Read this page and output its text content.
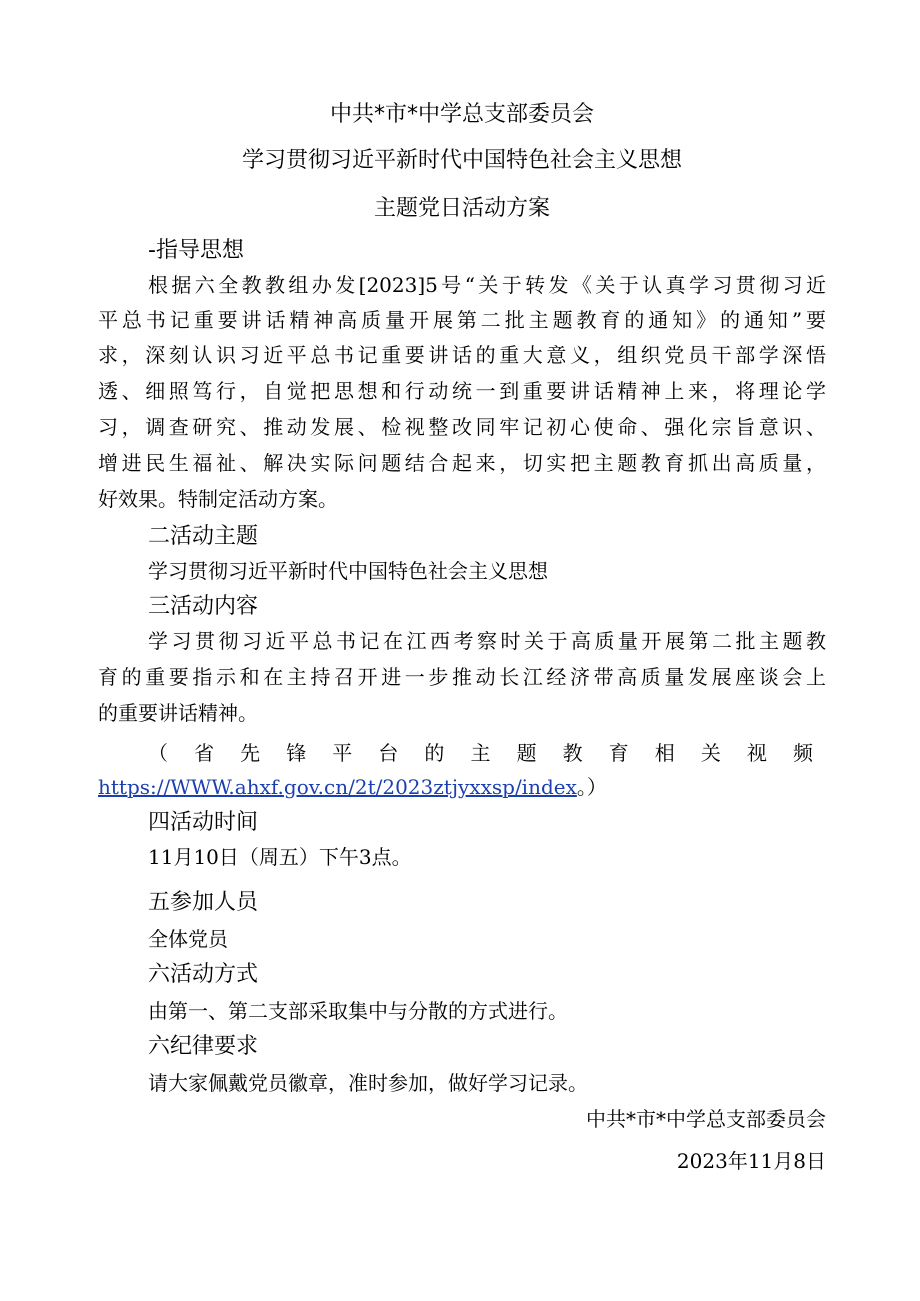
中共*市*中学总支部委员会
学习贯彻习近平新时代中国特色社会主义思想
主题党日活动方案
-指导思想
根据六全教教组办发[2023]5号“关于转发《关于认真学习贯彻习近
平总书记重要讲话精神高质量开展第二批主题教育的通知》的通知”要
求，深刻认识习近平总书记重要讲话的重大意义，组织党员干部学深悟
透、细照笃行，自觉把思想和行动统一到重要讲话精神上来，将理论学
习，调查研究、推动发展、检视整改同牢记初心使命、强化宗旨意识、
增进民生福祉、解决实际问题结合起来，切实把主题教育抓出高质量，
好效果。特制定活动方案。
二活动主题
学习贯彻习近平新时代中国特色社会主义思想
三活动内容
学习贯彻习近平总书记在江西考察时关于高质量开展第二批主题教
育的重要指示和在主持召开进一步推动长江经济带高质量发展座谈会上
的重要讲话精神。
（省先锋平台的主题教育相关视频
https://WWW.ahxf.gov.cn/2t/2023ztjyxxsp/index。）
四活动时间
11月10日（周五）下午3点。
五参加人员
全体党员
六活动方式
由第一、第二支部采取集中与分散的方式进行。
六纪律要求
请大家佩戴党员徽章，准时参加，做好学习记录。
中共*市*中学总支部委员会
2023年11月8日
